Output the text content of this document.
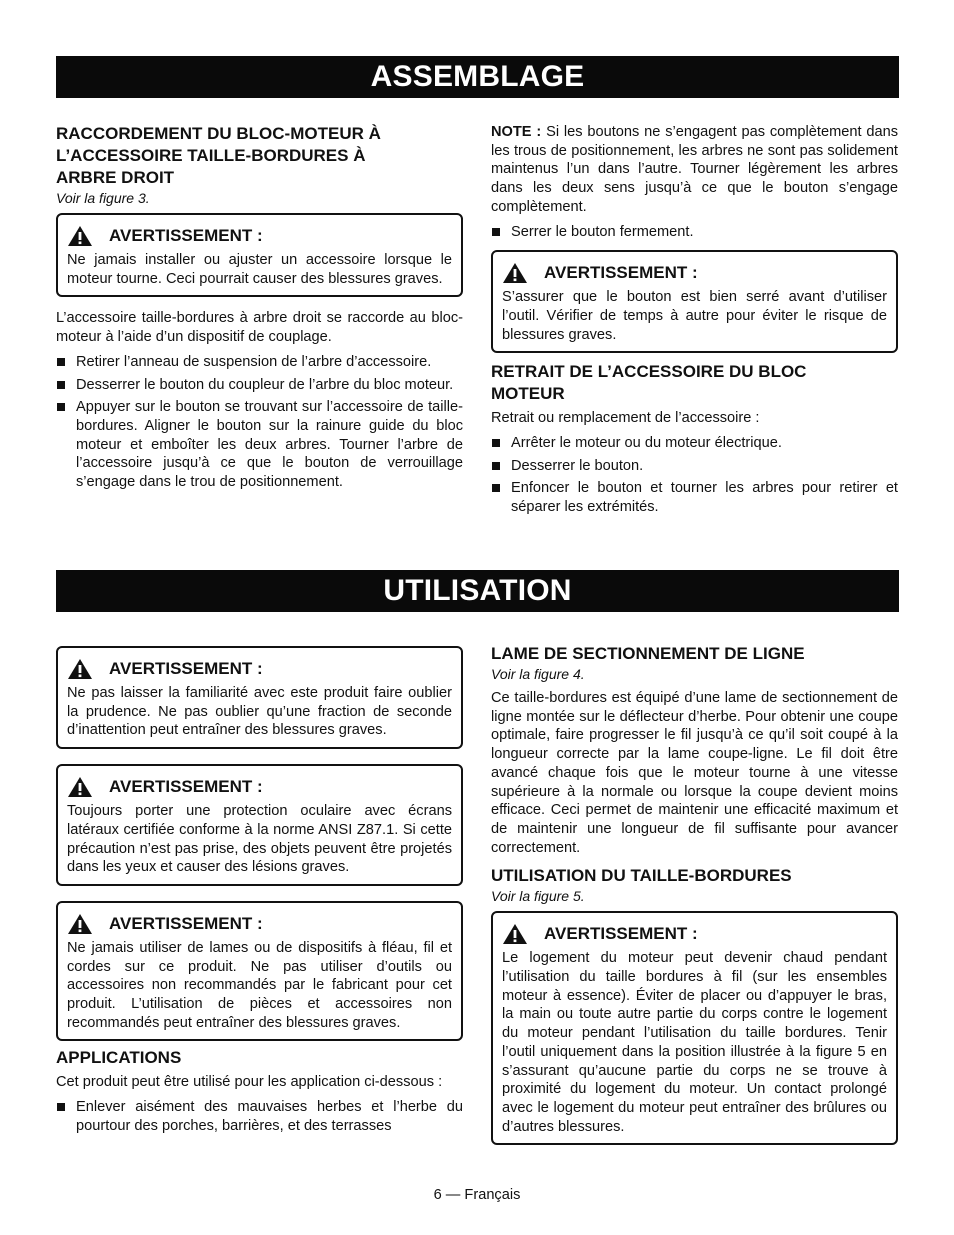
ASSEMBLAGE

RACCORDEMENT DU BLOC-MOTEUR À L’ACCESSOIRE TAILLE-BORDURES À ARBRE DROIT

Voir la figure 3.

AVERTISSEMENT :

Ne jamais installer ou ajuster un accessoire lorsque le moteur tourne. Ceci pourrait causer des blessures graves.

L’accessoire taille-bordures à arbre droit se raccorde au bloc-moteur à l’aide d’un dispositif de couplage.

Retirer l’anneau de suspension de l’arbre d’accessoire.
Desserrer le bouton du coupleur de l’arbre du bloc moteur.
Appuyer sur le bouton se trouvant sur l’accessoire de taille-bordures. Aligner le bouton sur la rainure guide du bloc moteur et emboîter les deux arbres. Tourner l’arbre de l’accessoire jusqu’à ce que le bouton de verrouillage s’engage dans le trou de positionnement.

NOTE : Si les boutons ne s’engagent pas complètement dans les trous de positionnement, les arbres ne sont pas solidement maintenus l’un dans l’autre. Tourner légèrement les arbres dans les deux sens jusqu’à ce que le bouton s’engage complètement.

Serrer le bouton fermement.
AVERTISSEMENT :

S’assurer que le bouton est bien serré avant d’utiliser l’outil. Vérifier de temps à autre pour éviter le risque de blessures graves.

RETRAIT DE L’ACCESSOIRE DU BLOC MOTEUR

Retrait ou remplacement de l’accessoire :

Arrêter le moteur ou du moteur électrique.
Desserrer le bouton.
Enfoncer le bouton et tourner les arbres pour retirer et séparer les extrémités.
UTILISATION
AVERTISSEMENT :

Ne pas laisser la familiarité avec este produit faire oublier la prudence. Ne pas oublier qu’une fraction de seconde d’inattention peut entraîner des blessures graves.

AVERTISSEMENT :

Toujours porter une protection oculaire avec écrans latéraux certifiée conforme à la norme ANSI Z87.1. Si cette précaution n’est pas prise, des objets peuvent être projetés dans les yeux et causer des lésions graves.

AVERTISSEMENT :

Ne jamais utiliser de lames ou de dispositifs à fléau, fil et cordes sur ce produit. Ne pas utiliser d’outils ou accessoires non recommandés par le fabricant pour cet produit. L’utilisation de pièces et accessoires non recommandés peut entraîner des blessures graves.

APPLICATIONS

Cet produit peut être utilisé pour les application ci-dessous :

Enlever aisément des mauvaises herbes et l’herbe du pourtour des porches, barrières, et des terrasses

LAME DE SECTIONNEMENT DE LIGNE

Voir la figure 4.

Ce taille-bordures est équipé d’une lame de sectionnement de ligne montée sur le déflecteur d’herbe. Pour obtenir une coupe optimale, faire progresser le fil jusqu’à ce qu’il soit coupé à la longueur correcte par la lame coupe-ligne. Le fil doit être avancé chaque fois que le moteur tourne à une vitesse supérieure à la normale ou lorsque la coupe devient moins efficace. Ceci permet de maintenir une efficacité maximum et de maintenir une longueur de fil suffisante pour avancer correctement.

UTILISATION DU TAILLE-BORDURES

Voir la figure 5.

AVERTISSEMENT :

Le logement du moteur peut devenir chaud pendant l’utilisation du taille bordures à fil (sur les ensembles moteur à essence). Éviter de placer ou d’appuyer le bras, la main ou toute autre partie du corps contre le logement du moteur pendant l’utilisation du taille bordures. Tenir l’outil uniquement dans la position illustrée à la figure 5 en s’assurant qu’aucune partie du corps ne se trouve à proximité du logement du moteur. Un contact prolongé avec le logement du moteur peut entraîner des brûlures ou d’autres blessures.

6 — Français
